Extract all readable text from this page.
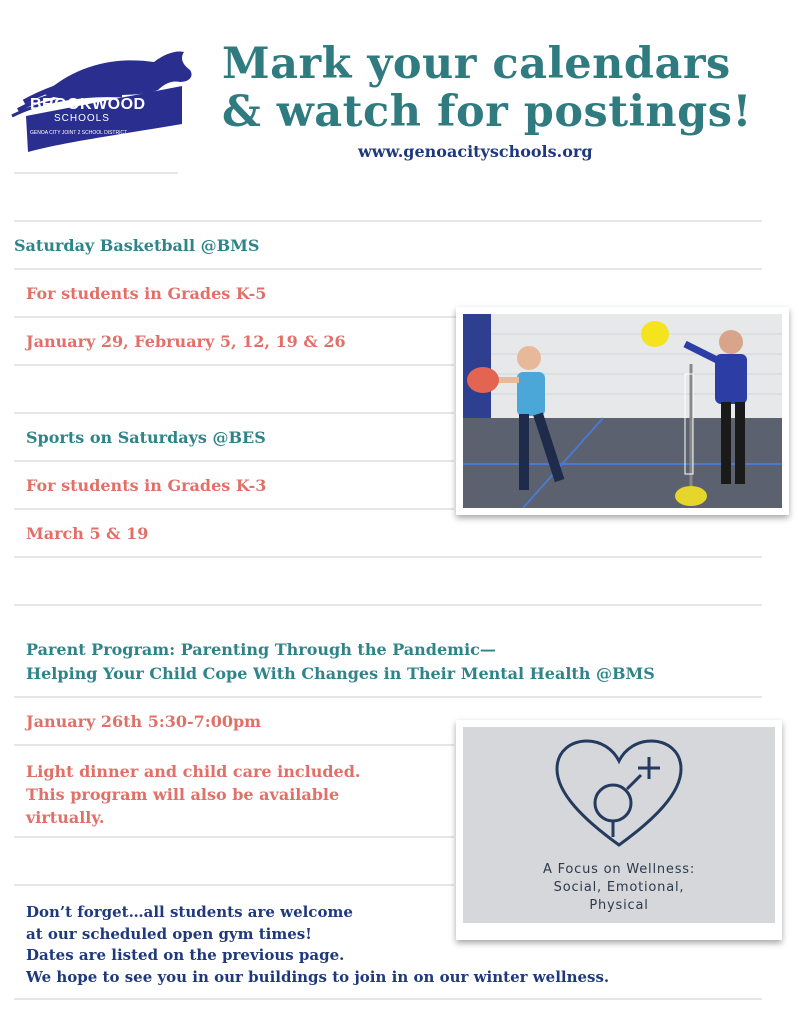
BROOKWOOD
SCHOOLS
GENOA CITY JOINT 2 SCHOOL DISTRICT
Mark your calendars
& watch for postings!
www.genoacityschools.org
Saturday Basketball @BMS
For students in Grades K-5
January 29, February 5, 12, 19 & 26
Sports on Saturdays @BES
For students in Grades K-3
March 5 & 19
Parent Program: Parenting Through the Pandemic—
Helping Your Child Cope With Changes in Their Mental Health @BMS
January 26th 5:30-7:00pm
Light dinner and child care included.
This program will also be available
virtually.
A Focus on Wellness:
Social, Emotional,
Physical
Don’t forget…all students are welcome
at our scheduled open gym times!
Dates are listed on the previous page.
We hope to see you in our buildings to join in on our winter wellness.
